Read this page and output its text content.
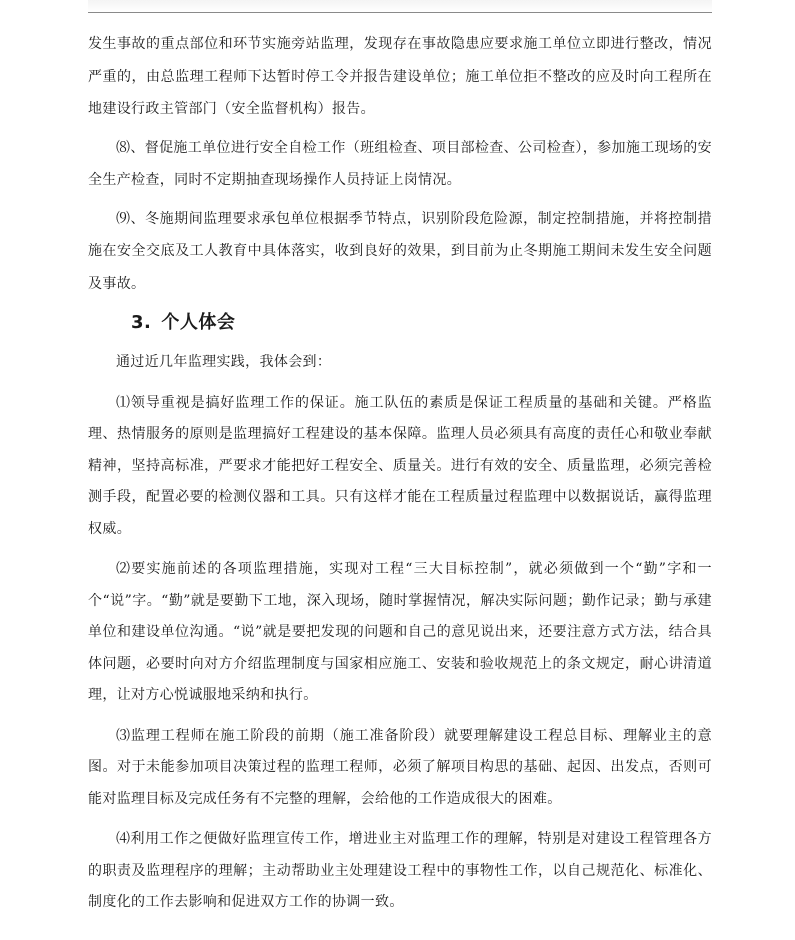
发生事故的重点部位和环节实施旁站监理，发现存在事故隐患应要求施工单位立即进行整改，情况严重的，由总监理工程师下达暂时停工令并报告建设单位；施工单位拒不整改的应及时向工程所在地建设行政主管部门（安全监督机构）报告。

⑻、督促施工单位进行安全自检工作（班组检查、项目部检查、公司检查），参加施工现场的安全生产检查，同时不定期抽查现场操作人员持证上岗情况。

⑼、冬施期间监理要求承包单位根据季节特点，识别阶段危险源，制定控制措施，并将控制措施在安全交底及工人教育中具体落实，收到良好的效果，到目前为止冬期施工期间未发生安全问题及事故。

3. 个人体会

通过近几年监理实践，我体会到：

⑴领导重视是搞好监理工作的保证。施工队伍的素质是保证工程质量的基础和关键。严格监理、热情服务的原则是监理搞好工程建设的基本保障。监理人员必须具有高度的责任心和敬业奉献精神，坚持高标准，严要求才能把好工程安全、质量关。进行有效的安全、质量监理，必须完善检测手段，配置必要的检测仪器和工具。只有这样才能在工程质量过程监理中以数据说话，赢得监理权威。

⑵要实施前述的各项监理措施，实现对工程“三大目标控制”，就必须做到一个“勤”字和一个“说”字。“勤”就是要勤下工地，深入现场，随时掌握情况，解决实际问题；勤作记录；勤与承建单位和建设单位沟通。“说”就是要把发现的问题和自己的意见说出来，还要注意方式方法，结合具体问题，必要时向对方介绍监理制度与国家相应施工、安装和验收规范上的条文规定，耐心讲清道理，让对方心悦诚服地采纳和执行。

⑶监理工程师在施工阶段的前期（施工准备阶段）就要理解建设工程总目标、理解业主的意图。对于未能参加项目决策过程的监理工程师，必须了解项目构思的基础、起因、出发点，否则可能对监理目标及完成任务有不完整的理解，会给他的工作造成很大的困难。

⑷利用工作之便做好监理宣传工作，增进业主对监理工作的理解，特别是对建设工程管理各方的职责及监理程序的理解；主动帮助业主处理建设工程中的事物性工作，以自己规范化、标准化、制度化的工作去影响和促进双方工作的协调一致。
